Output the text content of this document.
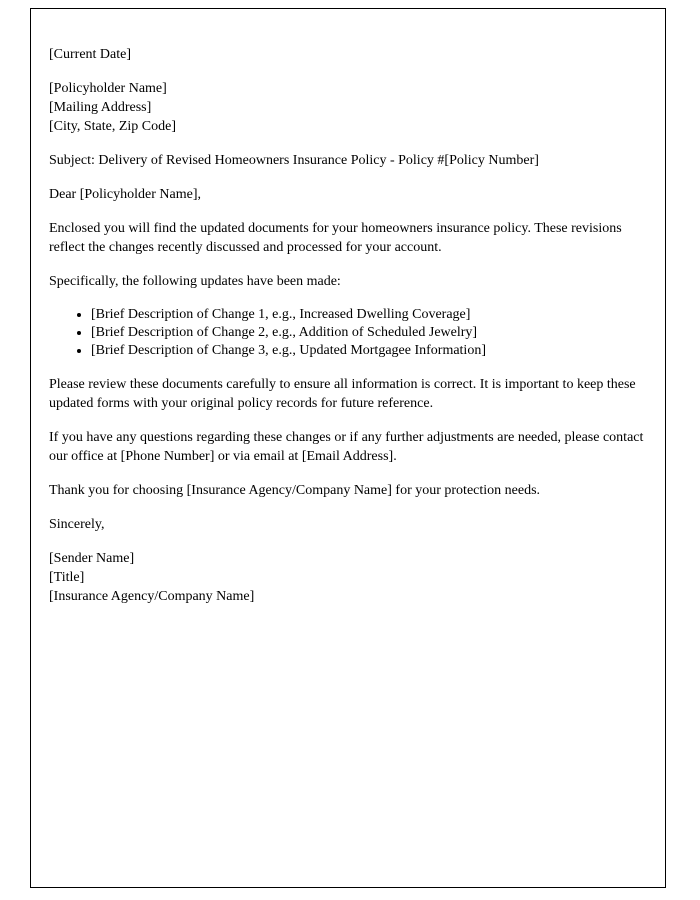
[Current Date]

[Policyholder Name]

[Mailing Address]

[City, State, Zip Code]

Subject: Delivery of Revised Homeowners Insurance Policy - Policy #[Policy Number]

Dear [Policyholder Name],

Enclosed you will find the updated documents for your homeowners insurance policy. These revisions reflect the changes recently discussed and processed for your account.

Specifically, the following updates have been made:

• [Brief Description of Change 1, e.g., Increased Dwelling Coverage]
• [Brief Description of Change 2, e.g., Addition of Scheduled Jewelry]
• [Brief Description of Change 3, e.g., Updated Mortgagee Information]

Please review these documents carefully to ensure all information is correct. It is important to keep these updated forms with your original policy records for future reference.

If you have any questions regarding these changes or if any further adjustments are needed, please contact our office at [Phone Number] or via email at [Email Address].

Thank you for choosing [Insurance Agency/Company Name] for your protection needs.

Sincerely,

[Sender Name]

[Title]

[Insurance Agency/Company Name]
